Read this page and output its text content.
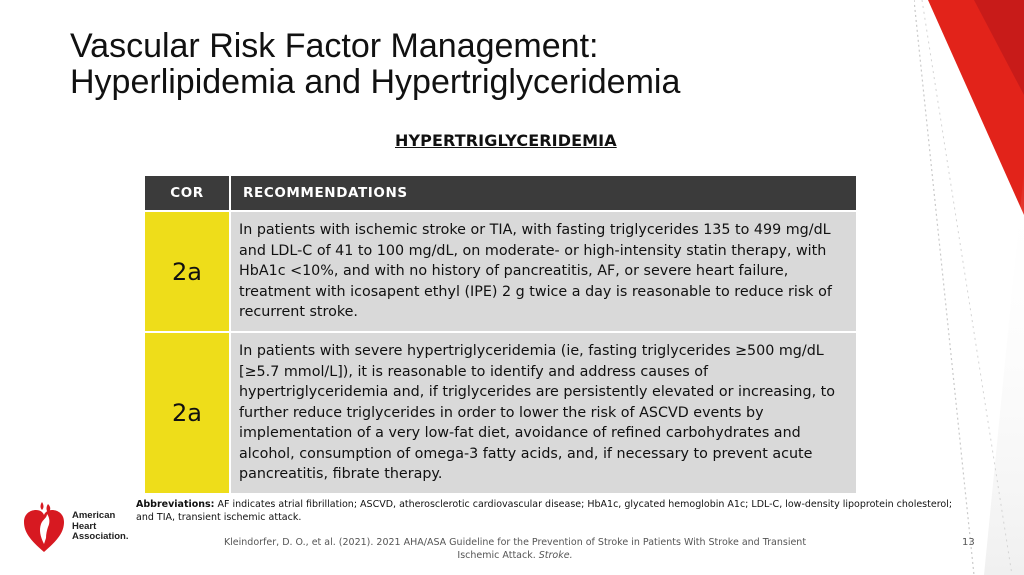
Vascular Risk Factor Management:
Hyperlipidemia and Hypertriglyceridemia
HYPERTRIGLYCERIDEMIA
COR	RECOMMENDATIONS
2a	In patients with ischemic stroke or TIA, with fasting triglycerides 135 to 499 mg/dL and LDL-C of 41 to 100 mg/dL, on moderate- or high-intensity statin therapy, with HbA1c <10%, and with no history of pancreatitis, AF, or severe heart failure, treatment with icosapent ethyl (IPE) 2 g twice a day is reasonable to reduce risk of recurrent stroke.
2a	In patients with severe hypertriglyceridemia (ie, fasting triglycerides ≥500 mg/dL [≥5.7 mmol/L]), it is reasonable to identify and address causes of hypertriglyceridemia and, if triglycerides are persistently elevated or increasing, to further reduce triglycerides in order to lower the risk of ASCVD events by implementation of a very low-fat diet, avoidance of refined carbohydrates and alcohol, consumption of omega-3 fatty acids, and, if necessary to prevent acute pancreatitis, fibrate therapy.
Abbreviations: AF indicates atrial fibrillation; ASCVD, atherosclerotic cardiovascular disease; HbA1c, glycated hemoglobin A1c; LDL-C, low-density lipoprotein cholesterol; and TIA, transient ischemic attack.
Kleindorfer, D. O., et al. (2021). 2021 AHA/ASA Guideline for the Prevention of Stroke in Patients With Stroke and Transient Ischemic Attack. Stroke.
13
American
Heart
Association.
